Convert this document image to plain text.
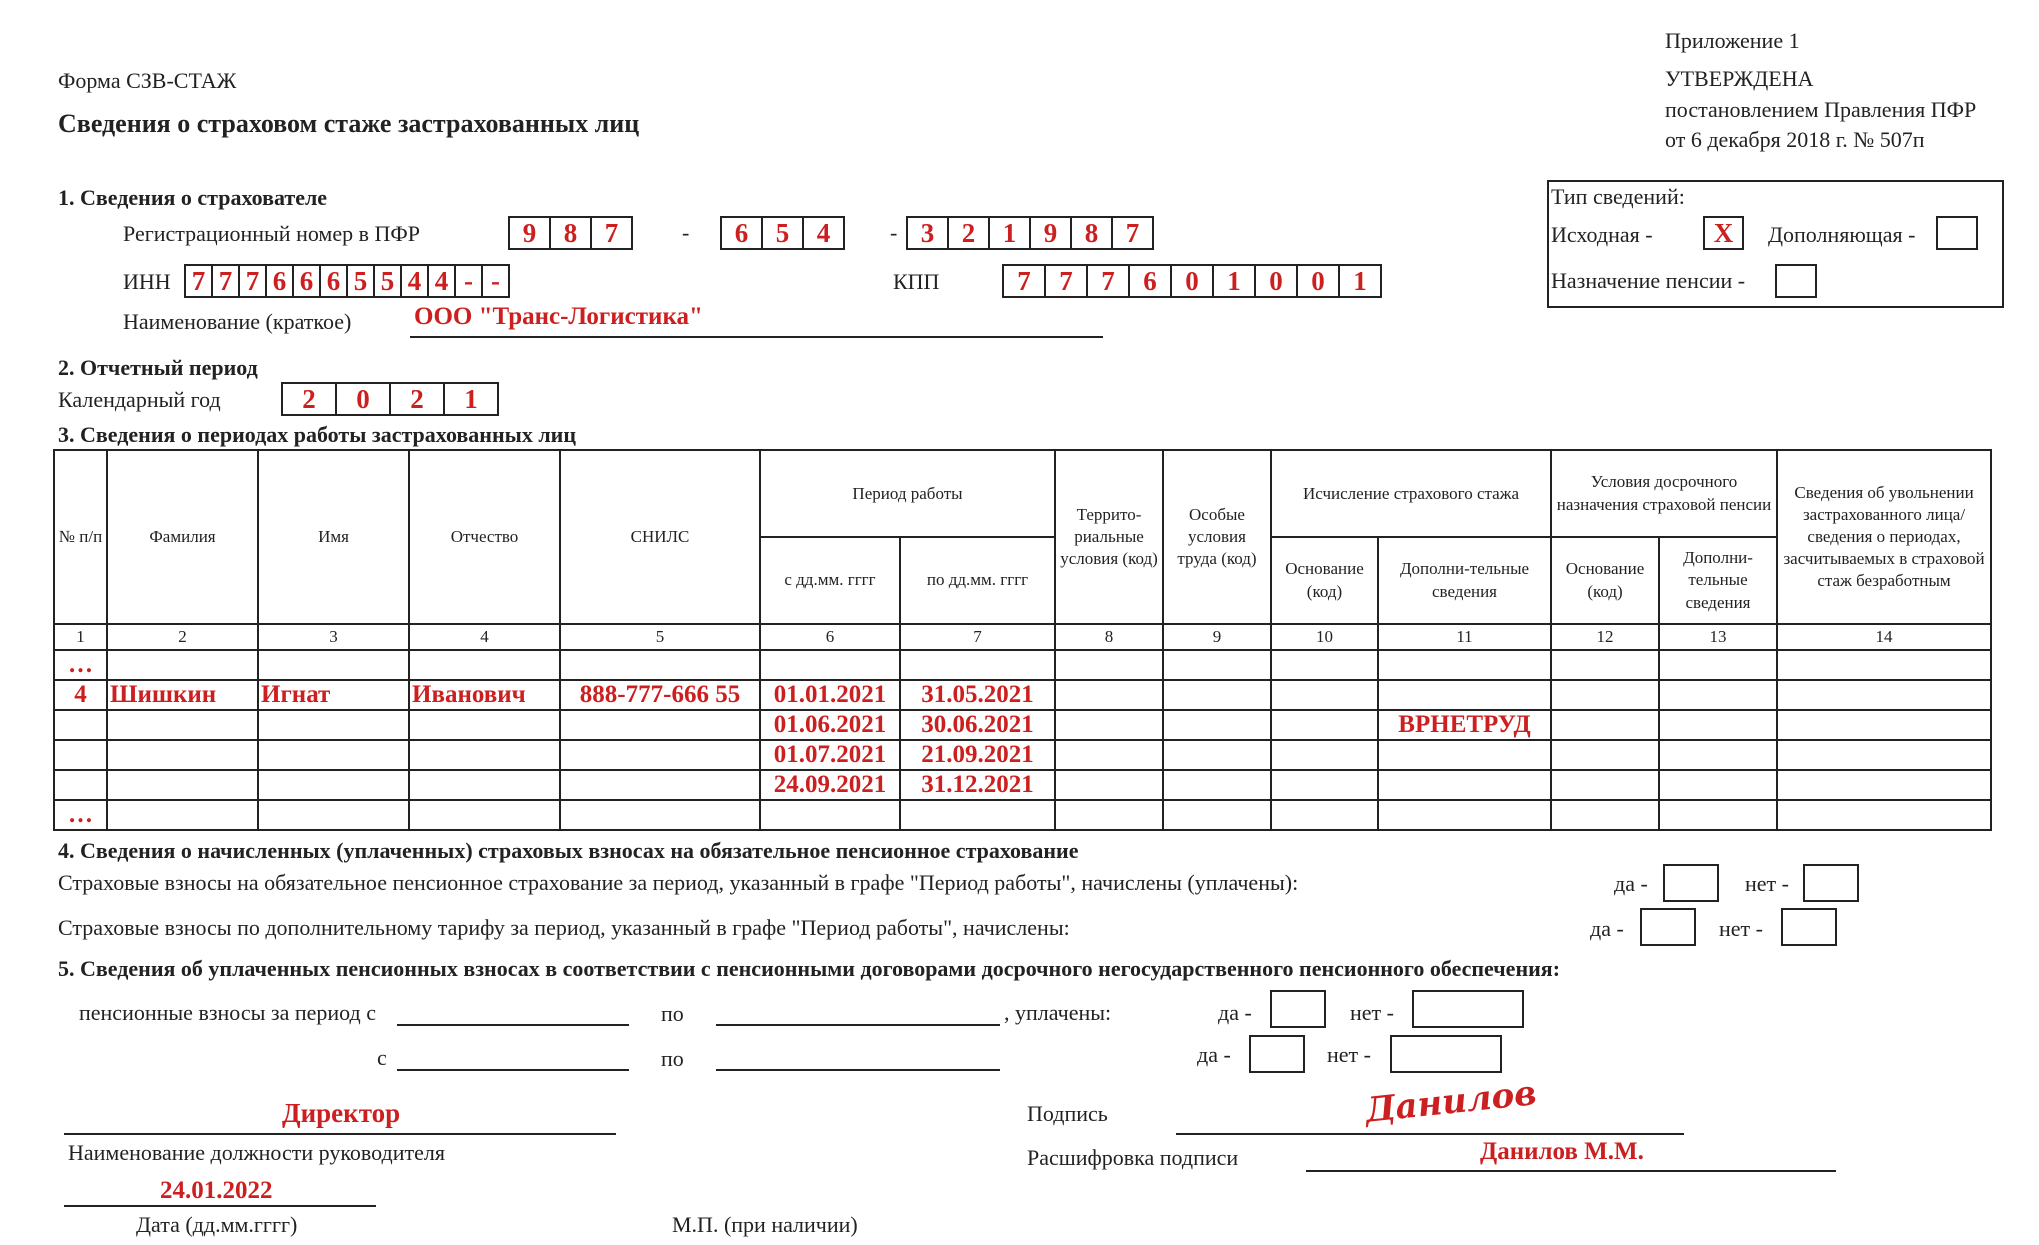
Приложение 1
УТВЕРЖДЕНА
постановлением Правления ПФР
от 6 декабря 2018 г. № 507п
Форма СЗВ-СТАЖ
Сведения о страховом стаже застрахованных лиц
1. Сведения о страхователе
Регистрационный номер в ПФР	9	8	7	-	6	5	4	- 3	2	1	9	8	7
ИНН 7 7 7 6 6 6 5 5 4 4 - -	КПП	7	7	7	6	0	1	0	0	1
Наименование (краткое)	ООО "Транс-Логистика"
Тип сведений:
Исходная - X Дополняющая -
Назначение пенсии -
2. Отчетный период
Календарный год	2	0	2	1
3. Сведения о периодах работы застрахованных лиц
№ п/п	Фамилия	Имя	Отчество	СНИЛС	Период работы		Террито-риальные условия (код)	Особые условия труда (код)	Исчисление страхового стажа		Условия досрочного назначения страховой пенсии		Сведения об увольнении застрахованного лица/ сведения о периодах, засчитываемых в страховой стаж безработным
					с дд.мм. гггг	по дд.мм. гггг			Основание (код)	Дополни-тельные сведения	Основание (код)	Дополни-тельные сведения	
1	2	3	4	5	6	7	8	9	10	11	12	13	14
…													
4	Шишкин	Игнат	Иванович	888-777-666 55	01.01.2021	31.05.2021							
					01.06.2021	30.06.2021				ВРНЕТРУД			
					01.07.2021	21.09.2021							
					24.09.2021	31.12.2021							
…													
4. Сведения о начисленных (уплаченных) страховых взносах на обязательное пенсионное страхование
Страховые взносы на обязательное пенсионное страхование за период, указанный в графе "Период работы", начислены (уплачены):	да -	нет -
Страховые взносы по дополнительному тарифу за период, указанный в графе "Период работы", начислены:	да -	нет -
5. Сведения об уплаченных пенсионных взносах в соответствии с пенсионными договорами досрочного негосударственного пенсионного обеспечения:
пенсионные взносы за период с	по	, уплачены:	да -	нет -
с	по	да -	нет -
Директор
Наименование должности руководителя
24.01.2022
Дата (дд.мм.гггг)	М.П. (при наличии)
Подпись	Данилов
Расшифровка подписи	Данилов М.М.
